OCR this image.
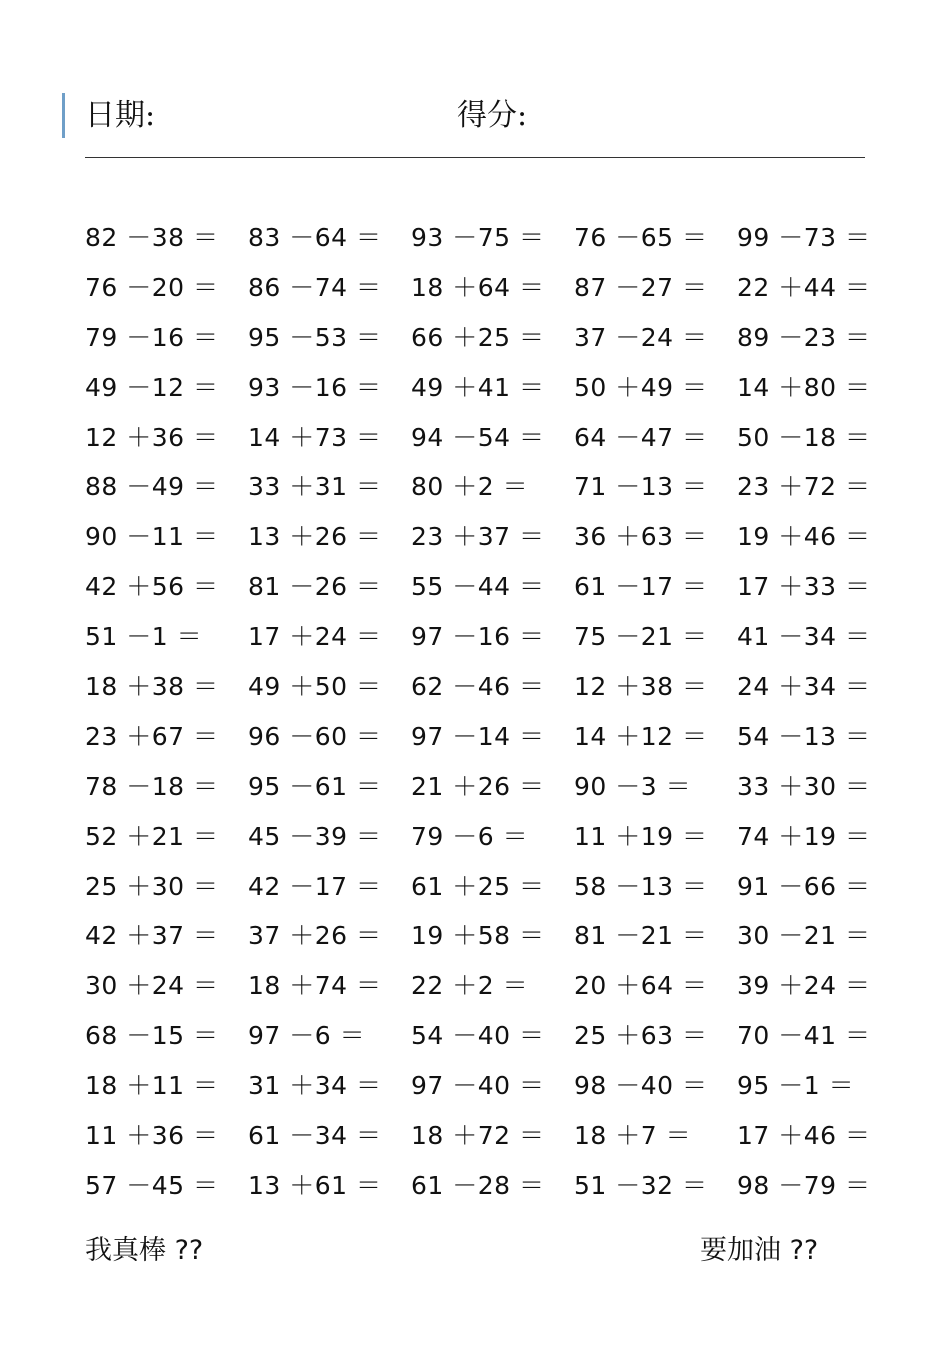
日期:	得分:
82 －38 ＝ 83 －64 ＝ 93 －75 ＝ 76 －65 ＝ 99 －73 ＝
76 －20 ＝ 86 －74 ＝ 18 ＋64 ＝ 87 －27 ＝ 22 ＋44 ＝
79 －16 ＝ 95 －53 ＝ 66 ＋25 ＝ 37 －24 ＝ 89 －23 ＝
49 －12 ＝ 93 －16 ＝ 49 ＋41 ＝ 50 ＋49 ＝ 14 ＋80 ＝
12 ＋36 ＝ 14 ＋73 ＝ 94 －54 ＝ 64 －47 ＝ 50 －18 ＝
88 －49 ＝ 33 ＋31 ＝ 80 ＋2 ＝ 71 －13 ＝ 23 ＋72 ＝
90 －11 ＝ 13 ＋26 ＝ 23 ＋37 ＝ 36 ＋63 ＝ 19 ＋46 ＝
42 ＋56 ＝ 81 －26 ＝ 55 －44 ＝ 61 －17 ＝ 17 ＋33 ＝
51 －1 ＝ 17 ＋24 ＝ 97 －16 ＝ 75 －21 ＝ 41 －34 ＝
18 ＋38 ＝ 49 ＋50 ＝ 62 －46 ＝ 12 ＋38 ＝ 24 ＋34 ＝
23 ＋67 ＝ 96 －60 ＝ 97 －14 ＝ 14 ＋12 ＝ 54 －13 ＝
78 －18 ＝ 95 －61 ＝ 21 ＋26 ＝ 90 －3 ＝ 33 ＋30 ＝
52 ＋21 ＝ 45 －39 ＝ 79 －6 ＝ 11 ＋19 ＝ 74 ＋19 ＝
25 ＋30 ＝ 42 －17 ＝ 61 ＋25 ＝ 58 －13 ＝ 91 －66 ＝
42 ＋37 ＝ 37 ＋26 ＝ 19 ＋58 ＝ 81 －21 ＝ 30 －21 ＝
30 ＋24 ＝ 18 ＋74 ＝ 22 ＋2 ＝ 20 ＋64 ＝ 39 ＋24 ＝
68 －15 ＝ 97 －6 ＝ 54 －40 ＝ 25 ＋63 ＝ 70 －41 ＝
18 ＋11 ＝ 31 ＋34 ＝ 97 －40 ＝ 98 －40 ＝ 95 －1 ＝
11 ＋36 ＝ 61 －34 ＝ 18 ＋72 ＝ 18 ＋7 ＝ 17 ＋46 ＝
57 －45 ＝ 13 ＋61 ＝ 61 －28 ＝ 51 －32 ＝ 98 －79 ＝
我真棒 ??	要加油 ??
